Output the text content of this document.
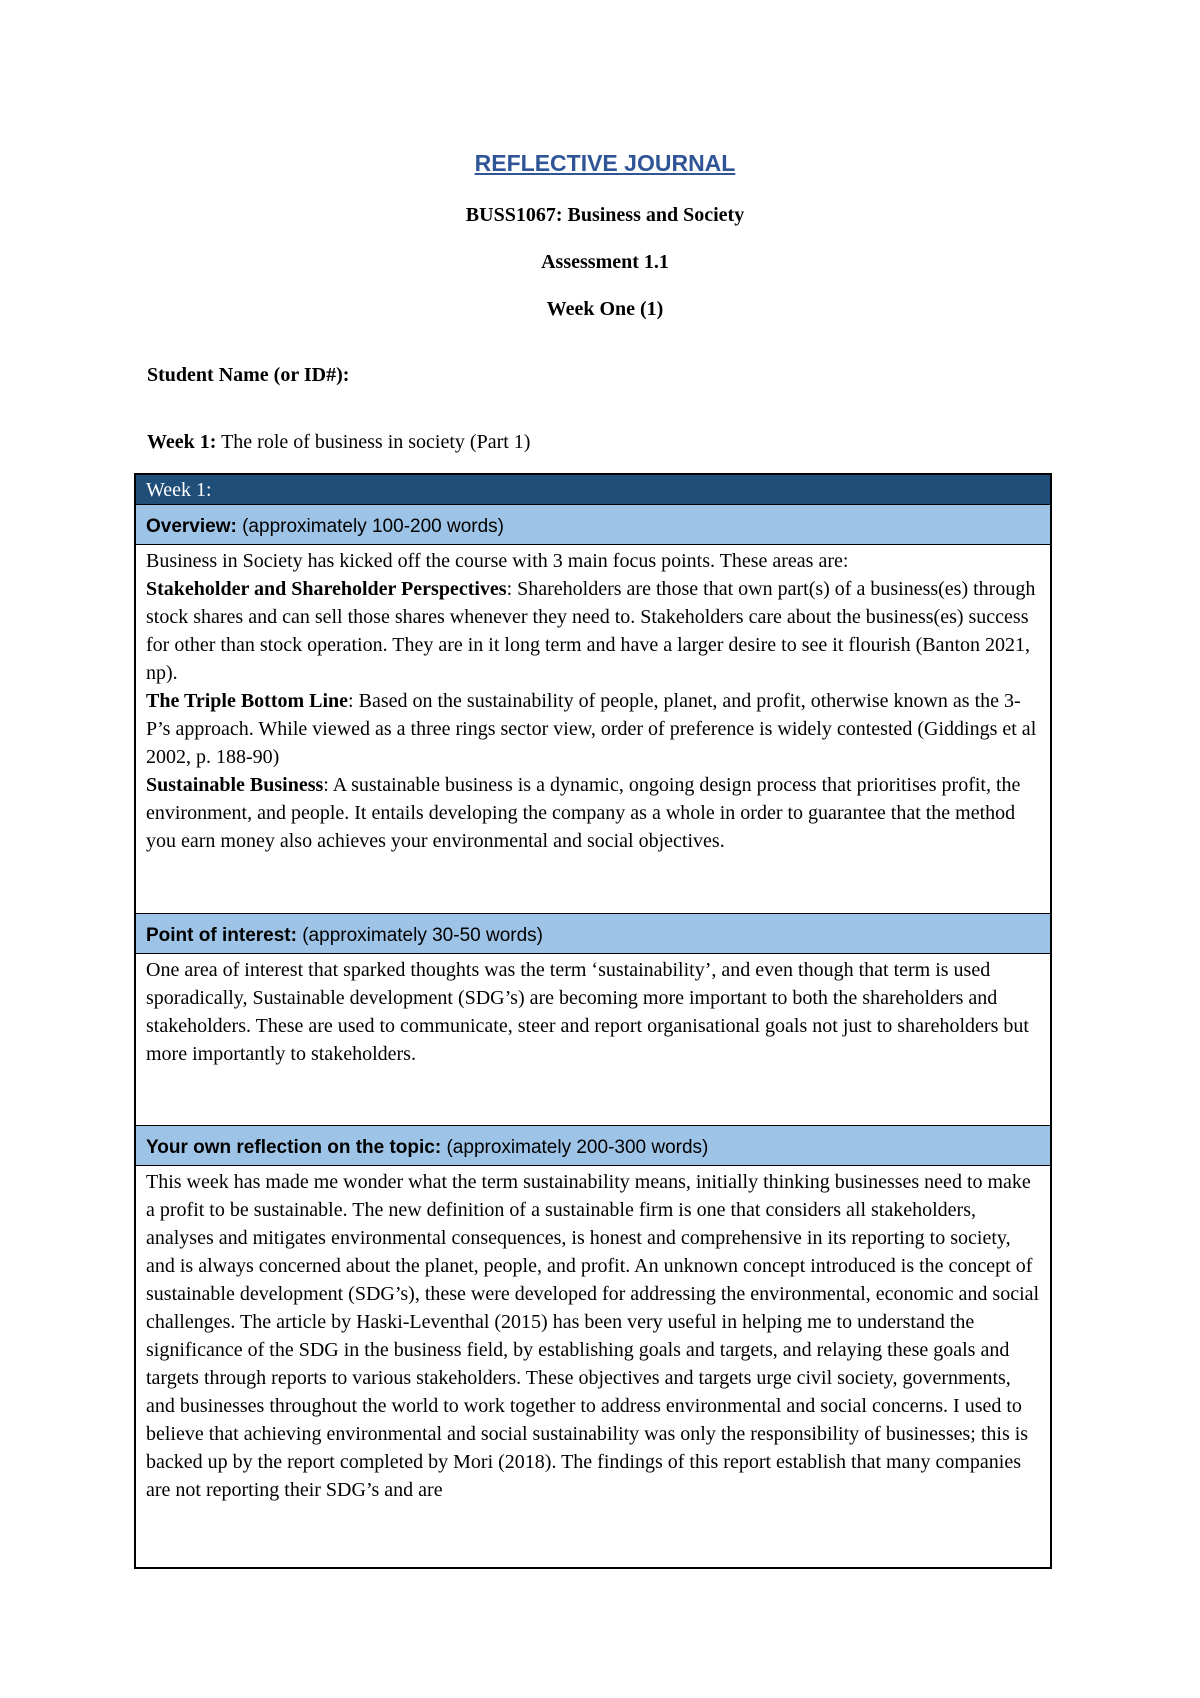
REFLECTIVE JOURNAL
BUSS1067: Business and Society
Assessment 1.1
Week One (1)
Student Name (or ID#):
Week 1: The role of business in society (Part 1)
Week 1:
Overview: (approximately 100-200 words)

Business in Society has kicked off the course with 3 main focus points. These areas are:

Stakeholder and Shareholder Perspectives: Shareholders are those that own part(s) of a business(es) through stock shares and can sell those shares whenever they need to. Stakeholders care about the business(es) success for other than stock operation. They are in it long term and have a larger desire to see it flourish (Banton 2021, np).

The Triple Bottom Line: Based on the sustainability of people, planet, and profit, otherwise known as the 3-P’s approach. While viewed as a three rings sector view, order of preference is widely contested (Giddings et al 2002, p. 188-90)

Sustainable Business: A sustainable business is a dynamic, ongoing design process that prioritises profit, the environment, and people. It entails developing the company as a whole in order to guarantee that the method you earn money also achieves your environmental and social objectives.

Point of interest: (approximately 30-50 words)

One area of interest that sparked thoughts was the term ‘sustainability’, and even though that term is used sporadically, Sustainable development (SDG’s) are becoming more important to both the shareholders and stakeholders. These are used to communicate, steer and report organisational goals not just to shareholders but more importantly to stakeholders.

Your own reflection on the topic: (approximately 200-300 words)

This week has made me wonder what the term sustainability means, initially thinking businesses need to make a profit to be sustainable. The new definition of a sustainable firm is one that considers all stakeholders, analyses and mitigates environmental consequences, is honest and comprehensive in its reporting to society, and is always concerned about the planet, people, and profit. An unknown concept introduced is the concept of sustainable development (SDG’s), these were developed for addressing the environmental, economic and social challenges. The article by Haski-Leventhal (2015) has been very useful in helping me to understand the significance of the SDG in the business field, by establishing goals and targets, and relaying these goals and targets through reports to various stakeholders. These objectives and targets urge civil society, governments, and businesses throughout the world to work together to address environmental and social concerns. I used to believe that achieving environmental and social sustainability was only the responsibility of businesses; this is backed up by the report completed by Mori (2018). The findings of this report establish that many companies are not reporting their SDG’s and are
